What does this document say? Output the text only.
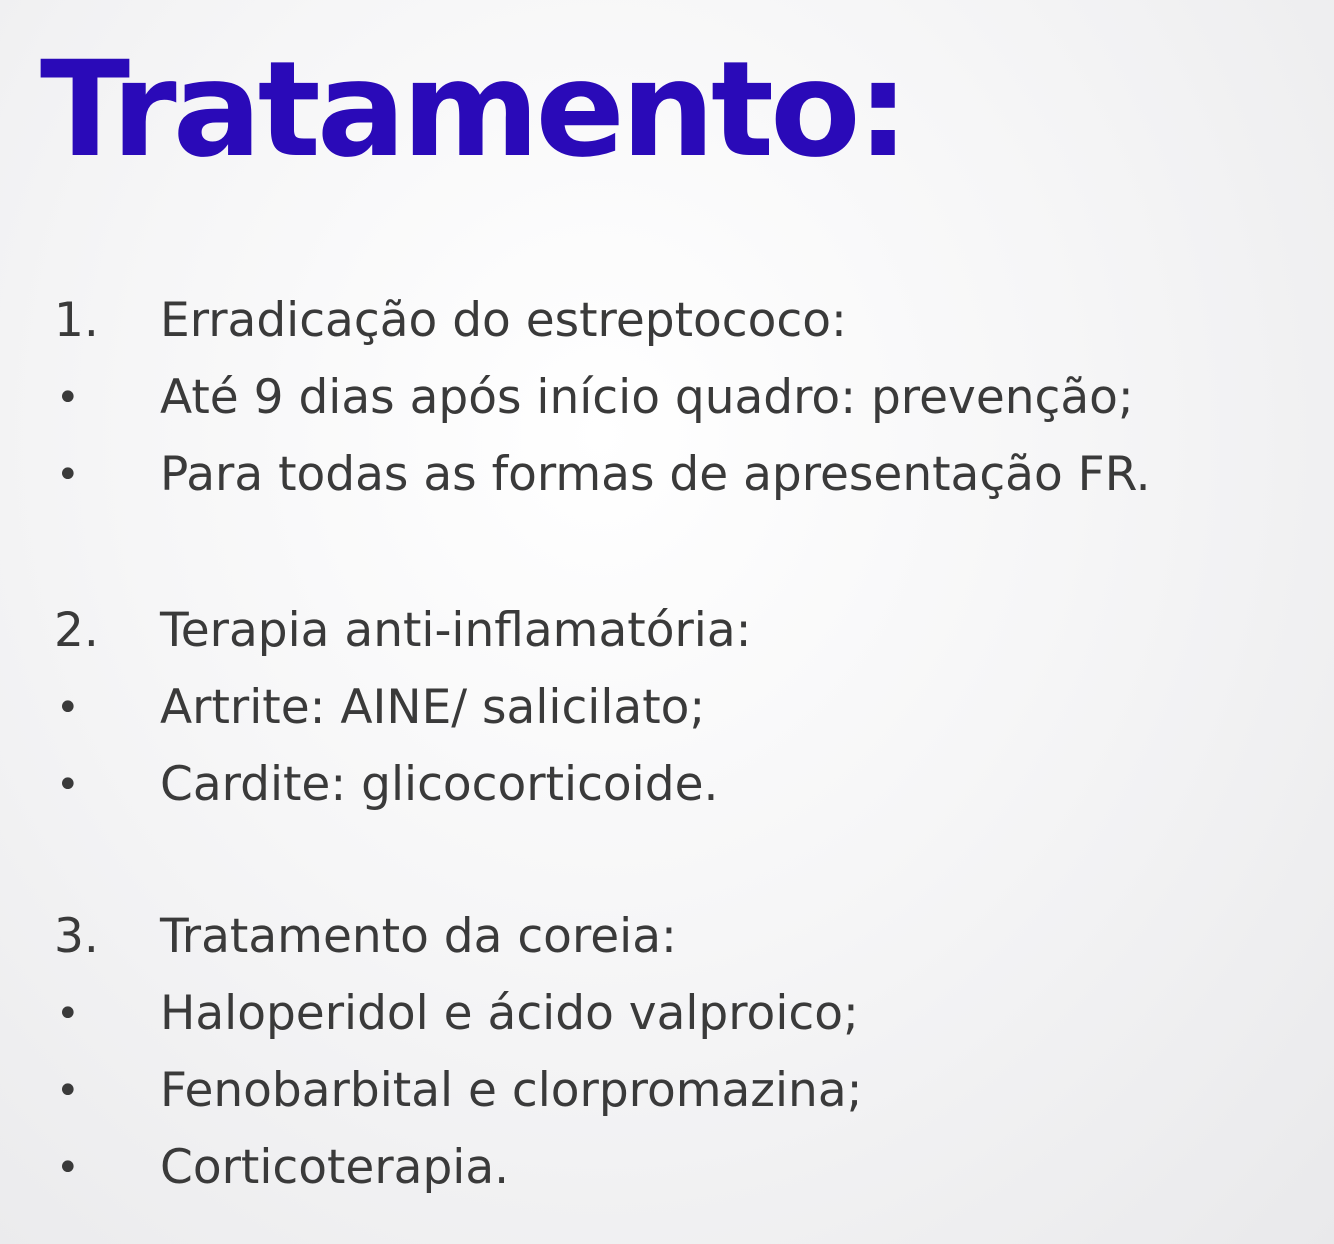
Tratamento:
1. Erradicação do estreptococo:
• Até 9 dias após início quadro: prevenção;
• Para todas as formas de apresentação FR.
2. Terapia anti-inflamatória:
• Artrite: AINE/ salicilato;
• Cardite: glicocorticoide.
3. Tratamento da coreia:
• Haloperidol e ácido valproico;
• Fenobarbital e clorpromazina;
• Corticoterapia.
